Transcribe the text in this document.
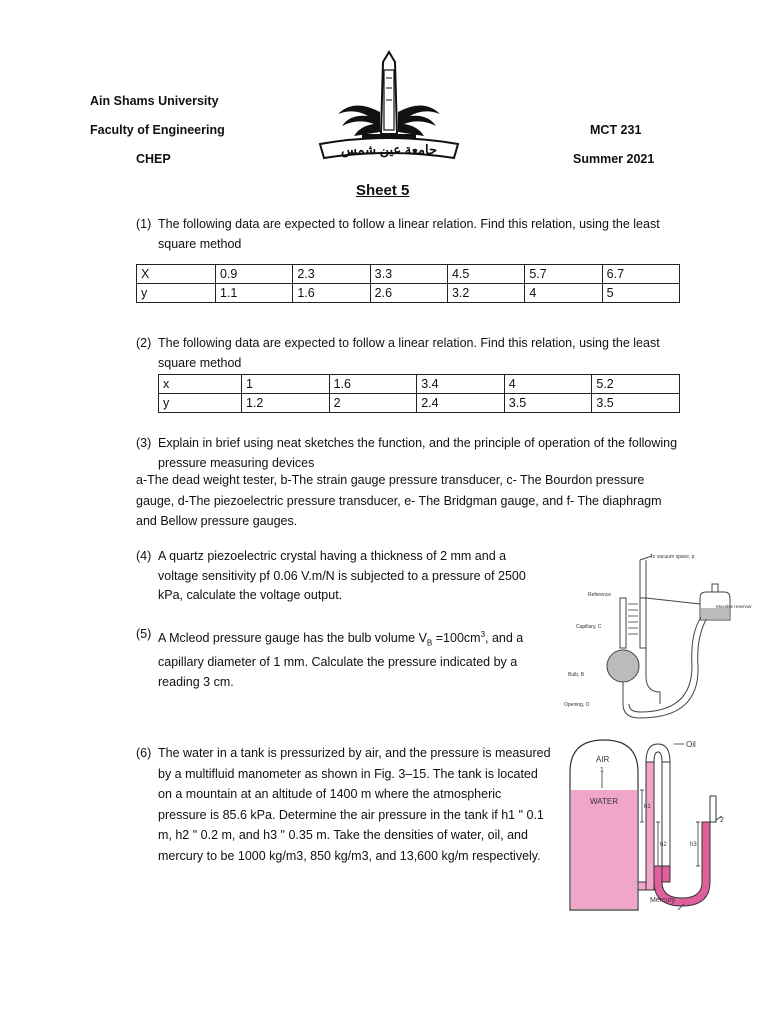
Ain Shams University
Faculty of Engineering
CHEP
MCT 231
Summer 2021
جامعة عين شمس
Sheet 5
(1) The following data are expected to follow a linear relation. Find this relation, using the least square method
X	0.9	2.3	3.3	4.5	5.7	6.7
y	1.1	1.6	2.6	3.2	4	5
(2) The following data are expected to follow a linear relation. Find this relation, using the least square method
x	1	1.6	3.4	4	5.2
y	1.2	2	2.4	3.5	3.5
(3) Explain in brief using neat sketches the function, and the principle of operation of the following pressure measuring devices
a-The dead weight tester, b-The strain gauge pressure transducer, c- The Bourdon pressure gauge, d-The piezoelectric pressure transducer, e- The Bridgman gauge, and f- The diaphragm and Bellow pressure gauges.
(4) A quartz piezoelectric crystal having a thickness of 2 mm and a voltage sensitivity pf 0.06 V.m/N is subjected to a pressure of 2500 kPa, calculate the voltage output.
(5) A Mcleod pressure gauge has the bulb volume $V_B =100cm^3$, and a capillary diameter of 1 mm. Calculate the pressure indicated by a reading 3 cm.
To vacuum space, p
Reference
Capillary, C
Bulb, B
Opening, O
Movable reservoir
(6) The water in a tank is pressurized by air, and the pressure is measured by a multifluid manometer as shown in Fig. 3–15. The tank is located on a mountain at an altitude of 1400 m where the atmospheric pressure is 85.6 kPa. Determine the air pressure in the tank if h1 " 0.1 m, h2 " 0.2 m, and h3 " 0.35 m. Take the densities of water, oil, and mercury to be 1000 kg/m3, 850 kg/m3, and 13,600 kg/m respectively.
Oil
AIR
1
WATER
h1
h2	h3
2
Mercury
